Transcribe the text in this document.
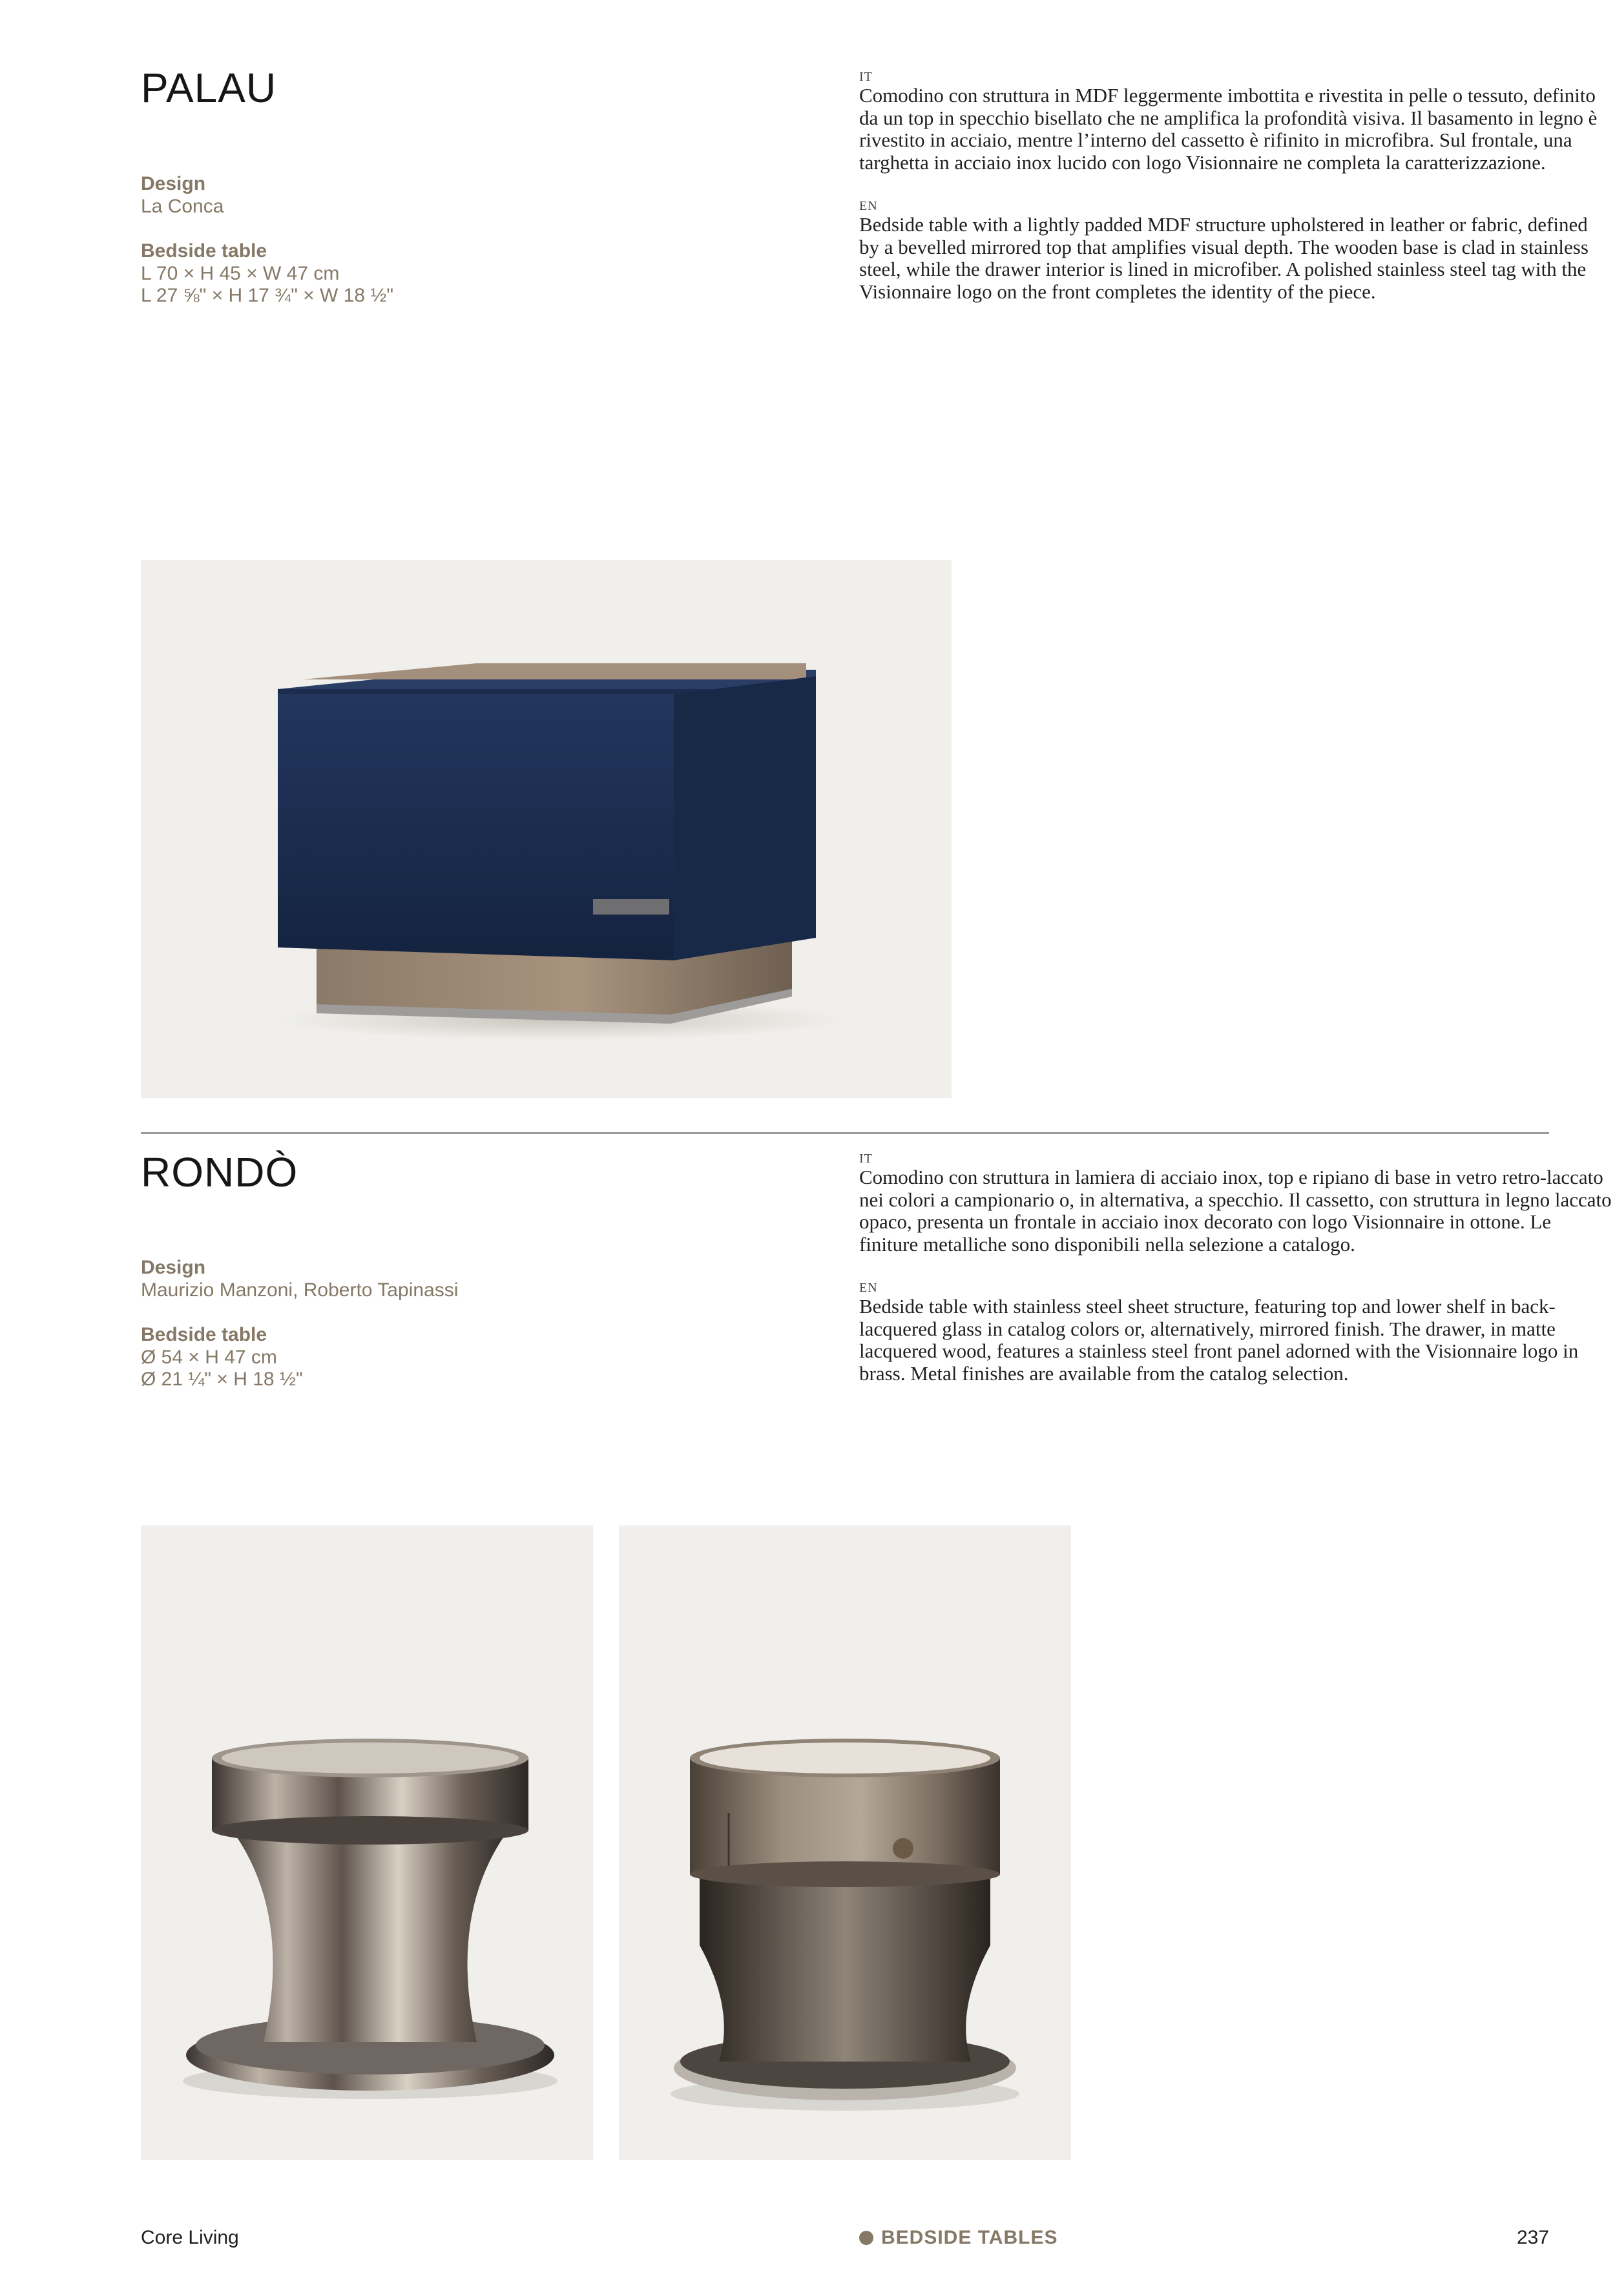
PALAU
Design
La Conca
Bedside table
L 70 × H 45 × W 47 cm
L 27 ⅝" × H 17 ¾" × W 18 ½"
IT

Comodino con struttura in MDF leggermente imbottita e rivestita in pelle o tessuto, definito da un top in specchio bisellato che ne amplifica la profondità visiva. Il basamento in legno è rivestito in acciaio, mentre l’interno del cassetto è rifinito in microfibra. Sul frontale, una targhetta in acciaio inox lucido con logo Visionnaire ne completa la caratterizzazione.

EN

Bedside table with a lightly padded MDF structure upholstered in leather or fabric, defined by a bevelled mirrored top that amplifies visual depth. The wooden base is clad in stainless steel, while the drawer interior is lined in microfiber. A polished stainless steel tag with the Visionnaire logo on the front completes the identity of the piece.

RONDÒ
Design
Maurizio Manzoni, Roberto Tapinassi
Bedside table
Ø 54 × H 47 cm
Ø 21 ¼" × H 18 ½"
IT

Comodino con struttura in lamiera di acciaio inox, top e ripiano di base in vetro retro-laccato nei colori a campionario o, in alternativa, a specchio. Il cassetto, con struttura in legno laccato opaco, presenta un frontale in acciaio inox decorato con logo Visionnaire in ottone. Le finiture metalliche sono disponibili nella selezione a catalogo.

EN

Bedside table with stainless steel sheet structure, featuring top and lower shelf in back-lacquered glass in catalog colors or, alternatively, mirrored finish. The drawer, in matte lacquered wood, features a stainless steel front panel adorned with the Visionnaire logo in brass. Metal finishes are available from the catalog selection.

Core Living	BEDSIDE TABLES	237
